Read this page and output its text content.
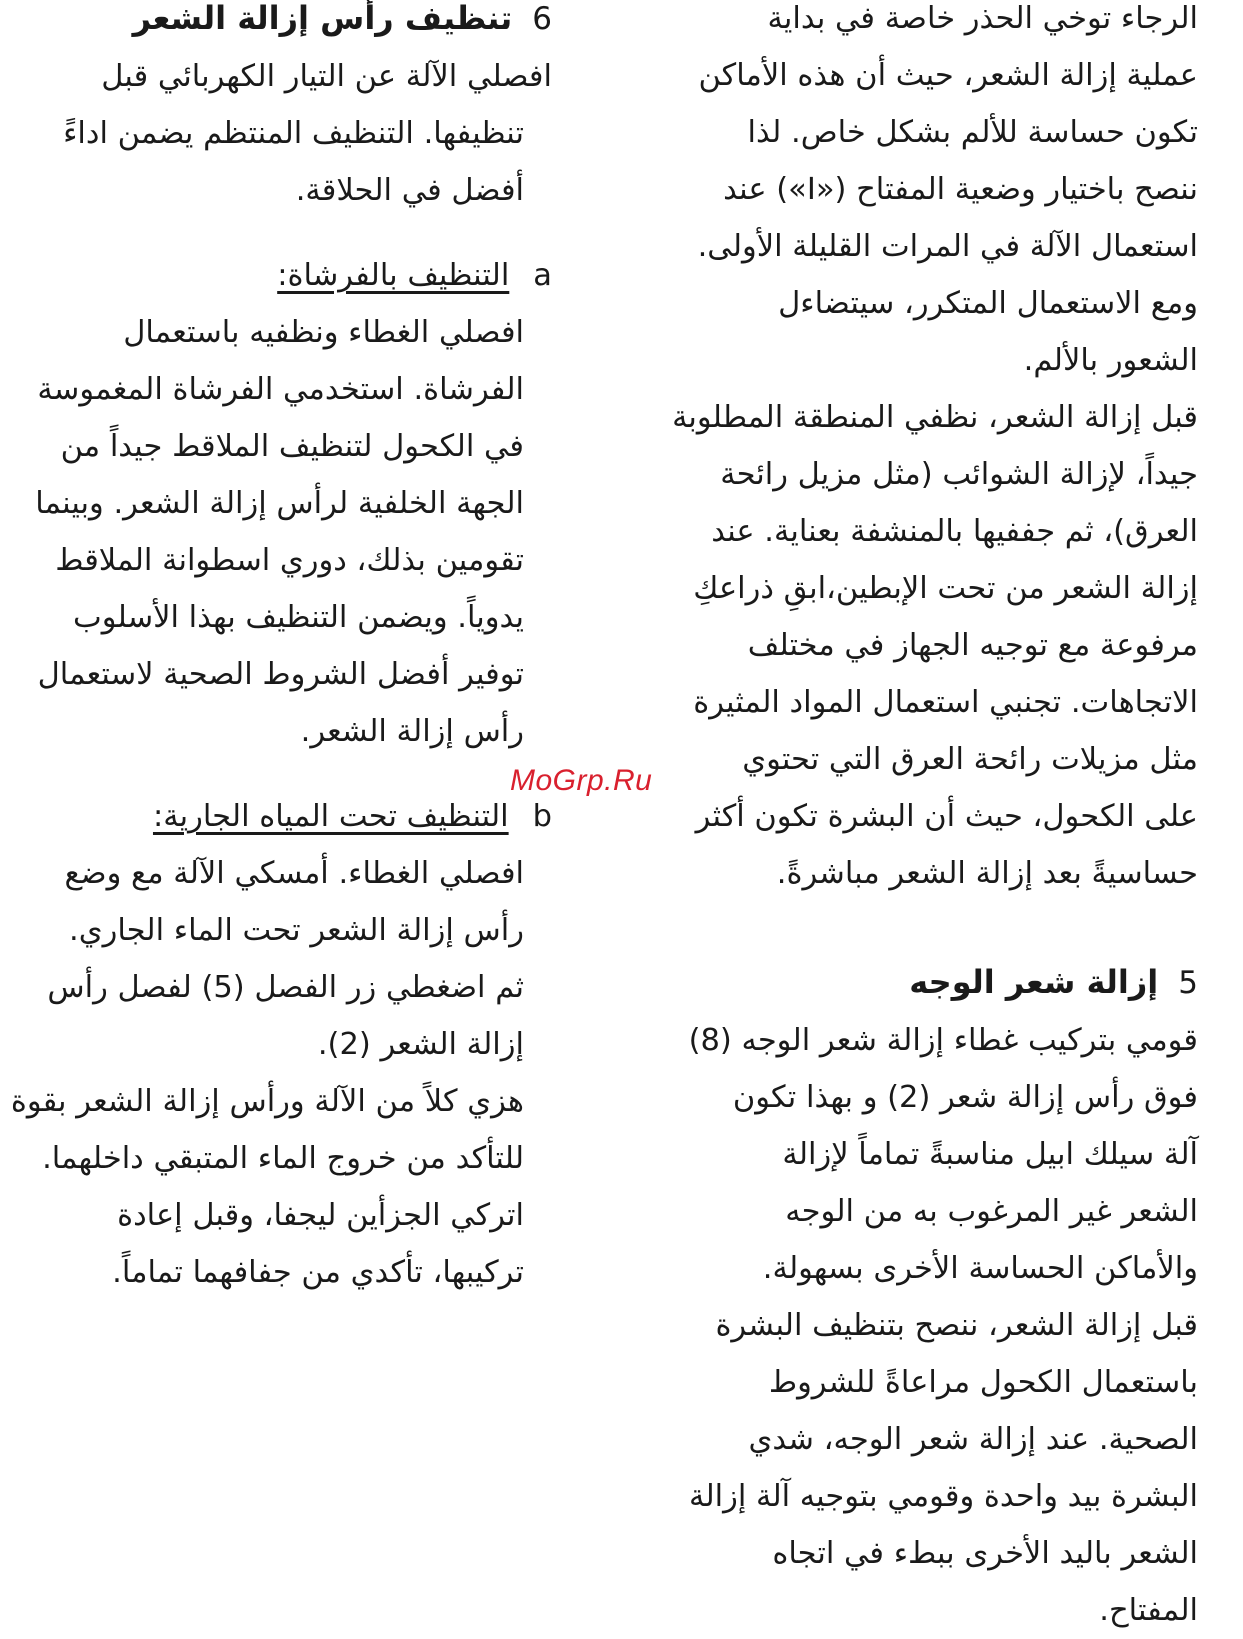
الرجاء توخي الحذر خاصة في بداية
عملية إزالة الشعر، حيث أن هذه الأماكن
تكون حساسة للألم بشكل خاص. لذا
ننصح باختيار وضعية المفتاح («I») عند
استعمال الآلة في المرات القليلة الأولى.
ومع الاستعمال المتكرر، سيتضاءل
الشعور بالألم.
قبل إزالة الشعر، نظفي المنطقة المطلوبة
جيداً، لإزالة الشوائب (مثل مزيل رائحة
العرق)، ثم جففيها بالمنشفة بعناية. عند
إزالة الشعر من تحت الإبطين،ابقِ ذراعكِ
مرفوعة مع توجيه الجهاز في مختلف
الاتجاهات. تجنبي استعمال المواد المثيرة
مثل مزيلات رائحة العرق التي تحتوي
على الكحول، حيث أن البشرة تكون أكثر
حساسيةً بعد إزالة الشعر مباشرةً.
5إزالة شعر الوجه
قومي بتركيب غطاء إزالة شعر الوجه (8)
فوق رأس إزالة شعر (2) و بهذا تكون
آلة سيلك ابيل مناسبةً تماماً لإزالة
الشعر غير المرغوب به من الوجه
والأماكن الحساسة الأخرى بسهولة.
قبل إزالة الشعر، ننصح بتنظيف البشرة
باستعمال الكحول مراعاةً للشروط
الصحية. عند إزالة شعر الوجه، شدي
البشرة بيد واحدة وقومي بتوجيه آلة إزالة
الشعر باليد الأخرى ببطء في اتجاه
المفتاح.
6تنظيف رأس إزالة الشعر
افصلي الآلة عن التيار الكهربائي قبل
تنظيفها. التنظيف المنتظم يضمن اداءً
أفضل في الحلاقة.
aالتنظيف بالفرشاة:
افصلي الغطاء ونظفيه باستعمال
الفرشاة. استخدمي الفرشاة المغموسة
في الكحول لتنظيف الملاقط جيداً من
الجهة الخلفية لرأس إزالة الشعر. وبينما
تقومين بذلك، دوري اسطوانة الملاقط
يدوياً. ويضمن التنظيف بهذا الأسلوب
توفير أفضل الشروط الصحية لاستعمال
رأس إزالة الشعر.
bالتنظيف تحت المياه الجارية:
افصلي الغطاء. أمسكي الآلة مع وضع
رأس إزالة الشعر تحت الماء الجاري.
ثم اضغطي زر الفصل (5) لفصل رأس
إزالة الشعر (2).
هزي كلاً من الآلة ورأس إزالة الشعر بقوة
للتأكد من خروج الماء المتبقي داخلهما.
اتركي الجزأين ليجفا، وقبل إعادة
تركيبها، تأكدي من جفافهما تماماً.
MoGrp.Ru
